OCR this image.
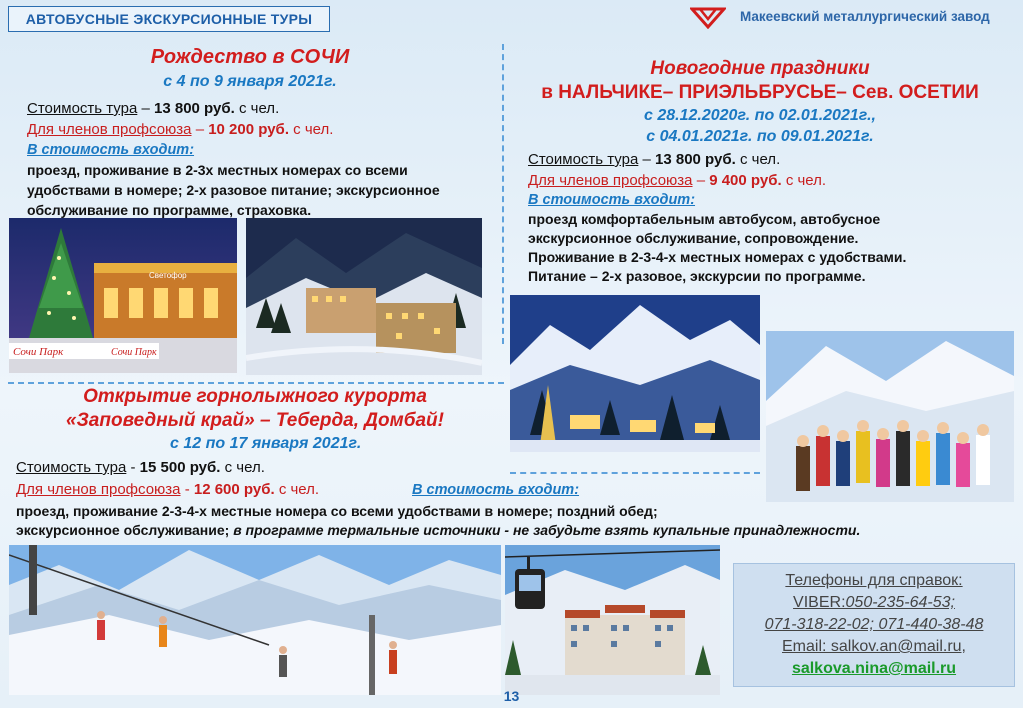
АВТОБУСНЫЕ ЭКСКУРСИОННЫЕ ТУРЫ	Макеевский металлургический завод
Рождество в СОЧИ
с 4 по 9 января 2021г.
Стоимость тура – 13 800 руб. с чел.
Для членов профсоюза – 10 200 руб. с чел.
В стоимость входит:
проезд, проживание в 2-3х местных номерах со всеми
удобствами в номере; 2-х разовое питание; экскурсионное
обслуживание по программе, страховка.
Сочи Парк	Сочи Парк
Светофор
Новогодние праздники
в НАЛЬЧИКЕ– ПРИЭЛЬБРУСЬЕ– Сев. ОСЕТИИ
с 28.12.2020г. по 02.01.2021г.,
с 04.01.2021г. по 09.01.2021г.
Стоимость тура – 13 800 руб. с чел.
Для членов профсоюза – 9 400 руб. с чел.
В стоимость входит:
проезд комфортабельным автобусом, автобусное
экскурсионное обслуживание, сопровождение.
Проживание в 2-3-4-х местных номерах с удобствами.
Питание – 2-х разовое, экскурсии по программе.
Открытие горнолыжного курорта
«Заповедный край» – Теберда, Домбай!
с 12 по 17 января 2021г.
Стоимость тура - 15 500 руб. с чел.
Для членов профсоюза - 12 600 руб. с чел.	В стоимость входит:
проезд, проживание 2-3-4-х местные номера со всеми удобствами в номере; поздний обед;
экскурсионное обслуживание; в программе термальные источники - не забудьте взять купальные принадлежности.
Телефоны для справок:
VIBER:050-235-64-53;
071-318-22-02; 071-440-38-48
Email: salkov.an@mail.ru,
salkova.nina@mail.ru
13
